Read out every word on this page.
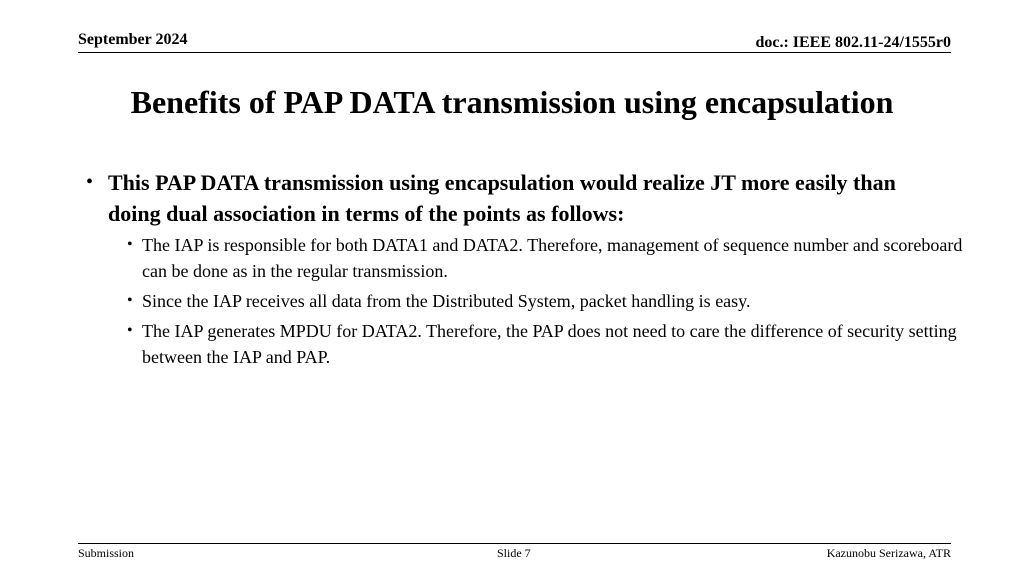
September 2024	doc.: IEEE 802.11-24/1555r0
Benefits of PAP DATA transmission using encapsulation
• This PAP DATA transmission using encapsulation would realize JT more easily than doing dual association in terms of the points as follows:
• The IAP is responsible for both DATA1 and DATA2. Therefore, management of sequence number and scoreboard can be done as in the regular transmission.
• Since the IAP receives all data from the Distributed System, packet handling is easy.
• The IAP generates MPDU for DATA2. Therefore, the PAP does not need to care the difference of security setting between the IAP and PAP.
Submission	Slide 7	Kazunobu Serizawa, ATR
